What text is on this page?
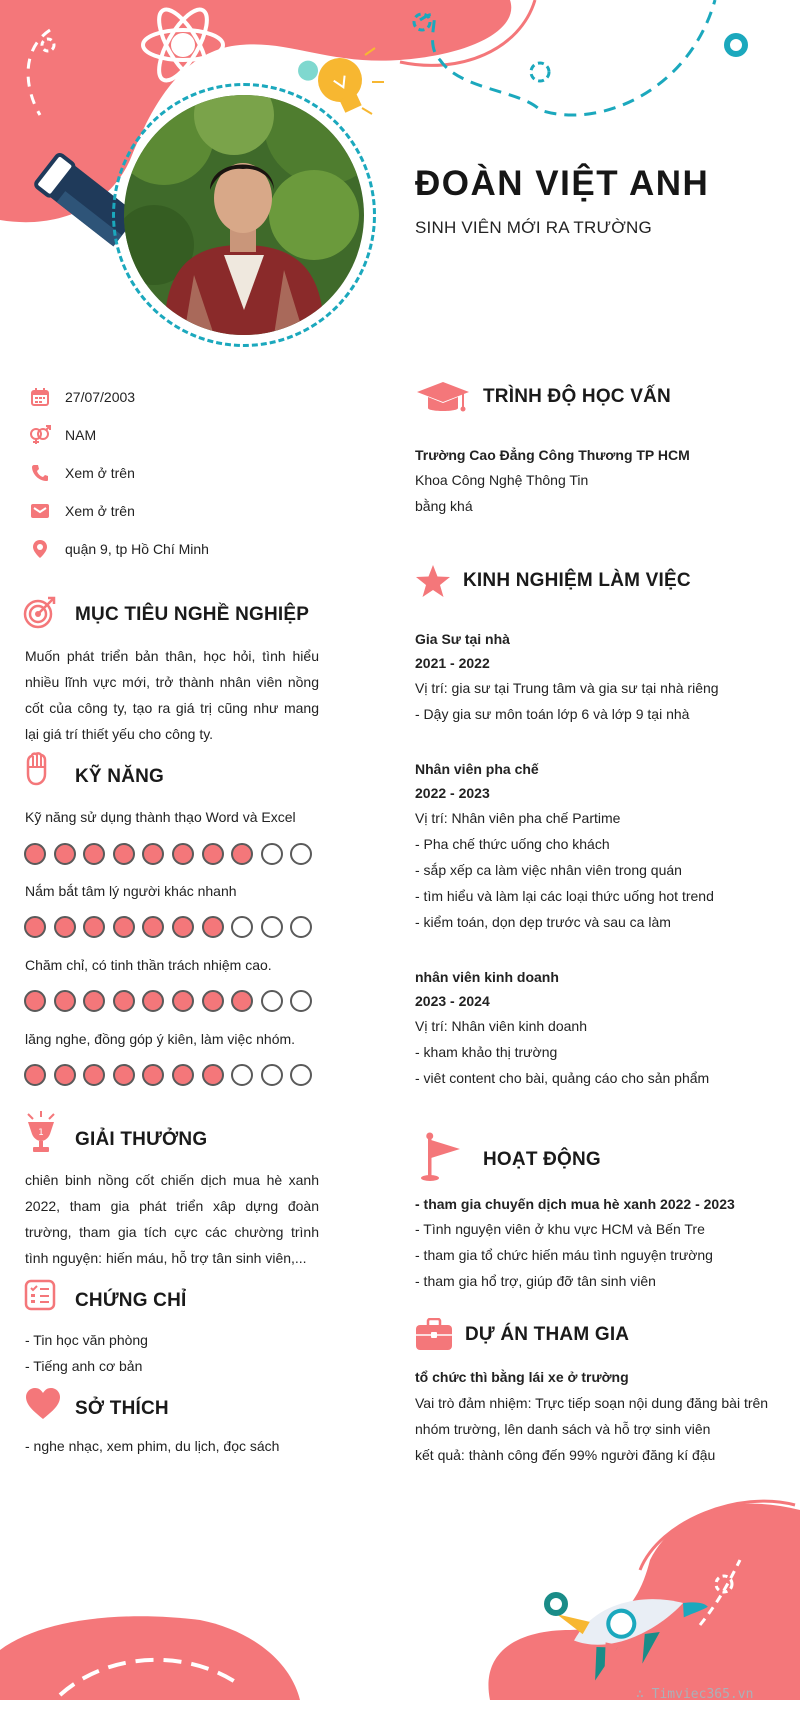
ĐOÀN VIỆT ANH
SINH VIÊN MỚI RA TRƯỜNG
27/07/2003
NAM
Xem ở trên
Xem ở trên
quận 9, tp Hồ Chí Minh
MỤC TIÊU NGHỀ NGHIỆP
Muốn phát triển bản thân, học hỏi, tình hiểu nhiều lĩnh vực mới, trở thành nhân viên nồng cốt của công ty, tạo ra giá trị cũng như mang lại giá trí thiết yếu cho công ty.
KỸ NĂNG
Kỹ năng sử dụng thành thạo Word và Excel
Nắm bắt tâm lý người khác nhanh
Chăm chỉ, có tinh thần trách nhiệm cao.
lăng nghe, đồng góp ý kiên, làm việc nhóm.
1 GIẢI THƯỞNG
chiên binh nồng cốt chiến dịch mua hè xanh 2022, tham gia phát triển xâp dựng đoàn trường, tham gia tích cực các chường trình tình nguyện: hiến máu, hỗ trợ tân sinh viên,...
CHỨNG CHỈ
- Tin học văn phòng
- Tiếng anh cơ bản
SỞ THÍCH
- nghe nhạc, xem phim, du lịch, đọc sách
TRÌNH ĐỘ HỌC VẤN
Trường Cao Đẳng Công Thương TP HCM
Khoa Công Nghệ Thông Tin
bằng khá
KINH NGHIỆM LÀM VIỆC
Gia Sư tại nhà
2021 - 2022
Vị trí: gia sư tại Trung tâm và gia sư tại nhà riêng
- Dậy gia sư môn toán lớp 6 và lớp 9 tại nhà
Nhân viên pha chế
2022 - 2023
Vị trí: Nhân viên pha chế Partime
- Pha chế thức uống cho khách
- sắp xếp ca làm việc nhân viên trong quán
- tìm hiểu và làm lại các loại thức uống hot trend
- kiểm toán, dọn dẹp trước và sau ca làm
nhân viên kinh doanh
2023 - 2024
Vị trí: Nhân viên kinh doanh
- kham khảo thị trường
- viêt content cho bài, quảng cáo cho sản phẩm
HOẠT ĐỘNG
- tham gia chuyến dịch mua hè xanh 2022 - 2023
- Tình nguyện viên ở khu vực HCM và Bến Tre
- tham gia tổ chức hiến máu tình nguyện trường
- tham gia hổ trợ, giúp đỡ tân sinh viên
DỰ ÁN THAM GIA
tổ chức thì bằng lái xe ở trường
Vai trò đảm nhiệm: Trực tiếp soạn nội dung đăng bài trên
nhóm trường, lên danh sách và hỗ trợ sinh viên
kết quả: thành công đến 99% người đăng kí đậu
∴ Timviec365.vn
